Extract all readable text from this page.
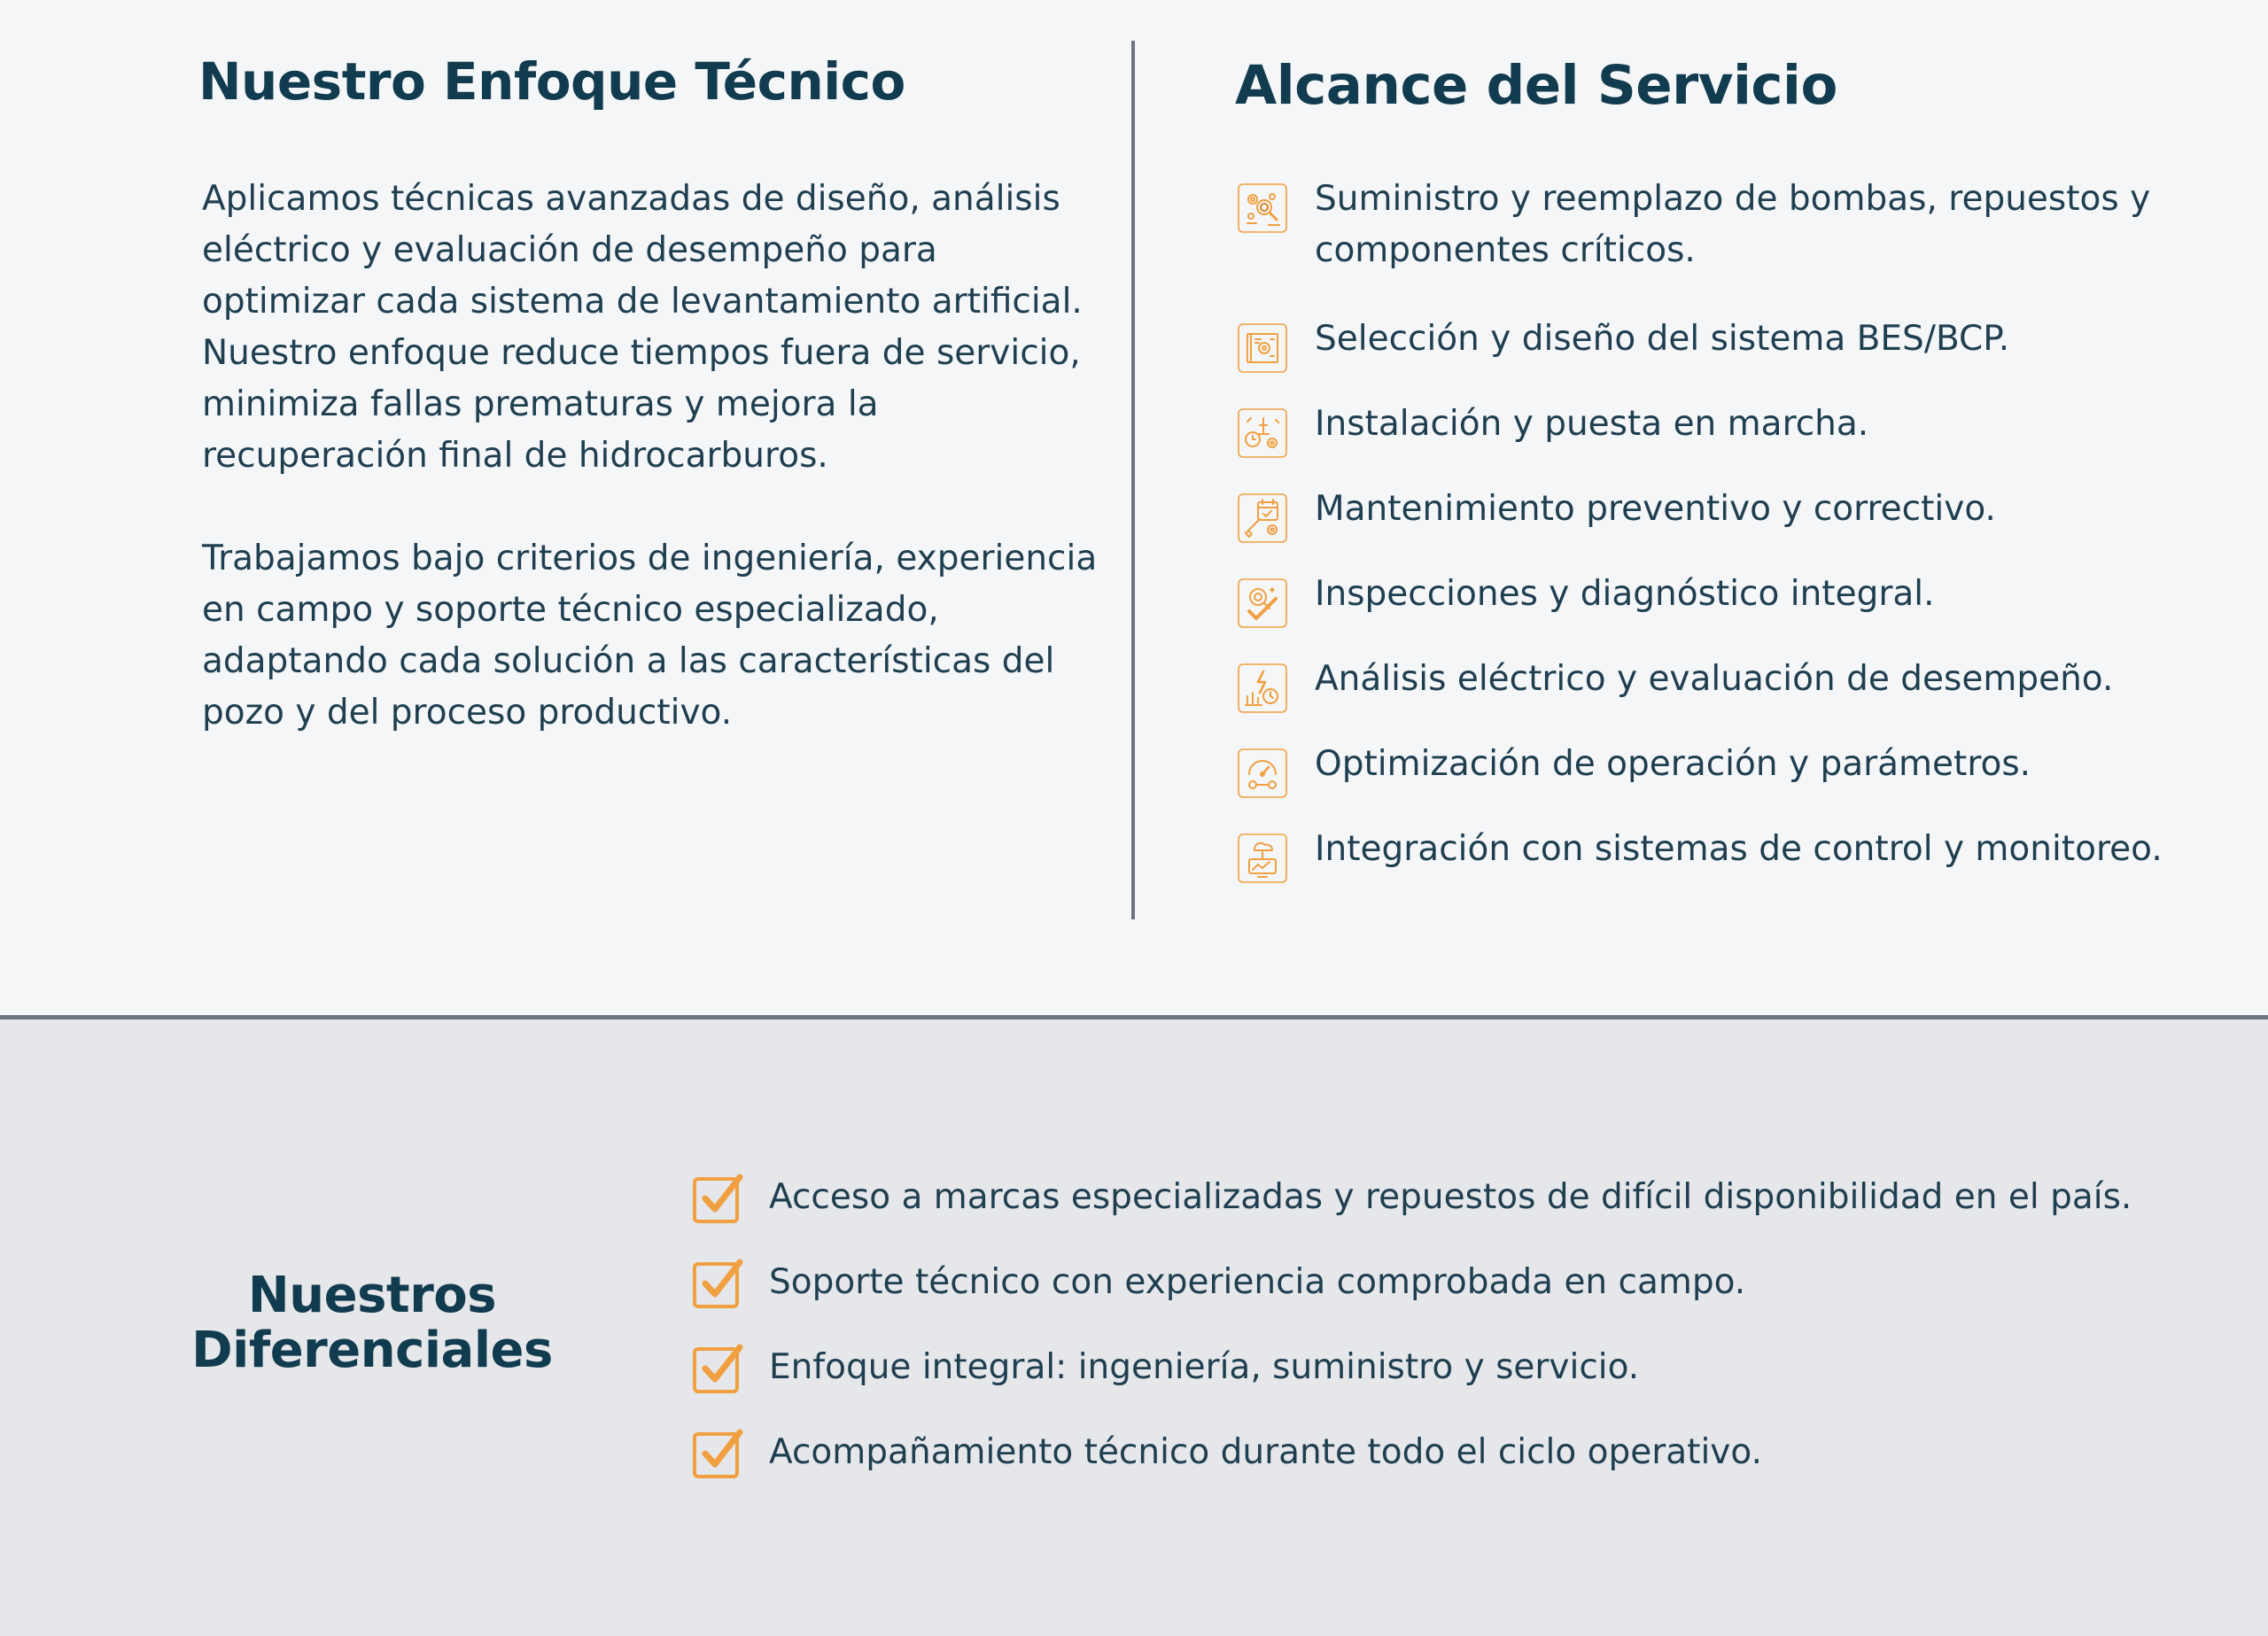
Nuestro Enfoque Técnico

Aplicamos técnicas avanzadas de diseño, análisis eléctrico y evaluación de desempeño para optimizar cada sistema de levantamiento artificial. Nuestro enfoque reduce tiempos fuera de servicio, minimiza fallas prematuras y mejora la recuperación final de hidrocarburos.

Trabajamos bajo criterios de ingeniería, experiencia en campo y soporte técnico especializado, adaptando cada solución a las características del pozo y del proceso productivo.

Alcance del Servicio
Suministro y reemplazo de bombas, repuestos y componentes críticos.
Selección y diseño del sistema BES/BCP.
Instalación y puesta en marcha.
Mantenimiento preventivo y correctivo.
Inspecciones y diagnóstico integral.
Análisis eléctrico y evaluación de desempeño.
Optimización de operación y parámetros.
Integración con sistemas de control y monitoreo.
Nuestros Diferenciales
Acceso a marcas especializadas y repuestos de difícil disponibilidad en el país.
Soporte técnico con experiencia comprobada en campo.
Enfoque integral: ingeniería, suministro y servicio.
Acompañamiento técnico durante todo el ciclo operativo.
